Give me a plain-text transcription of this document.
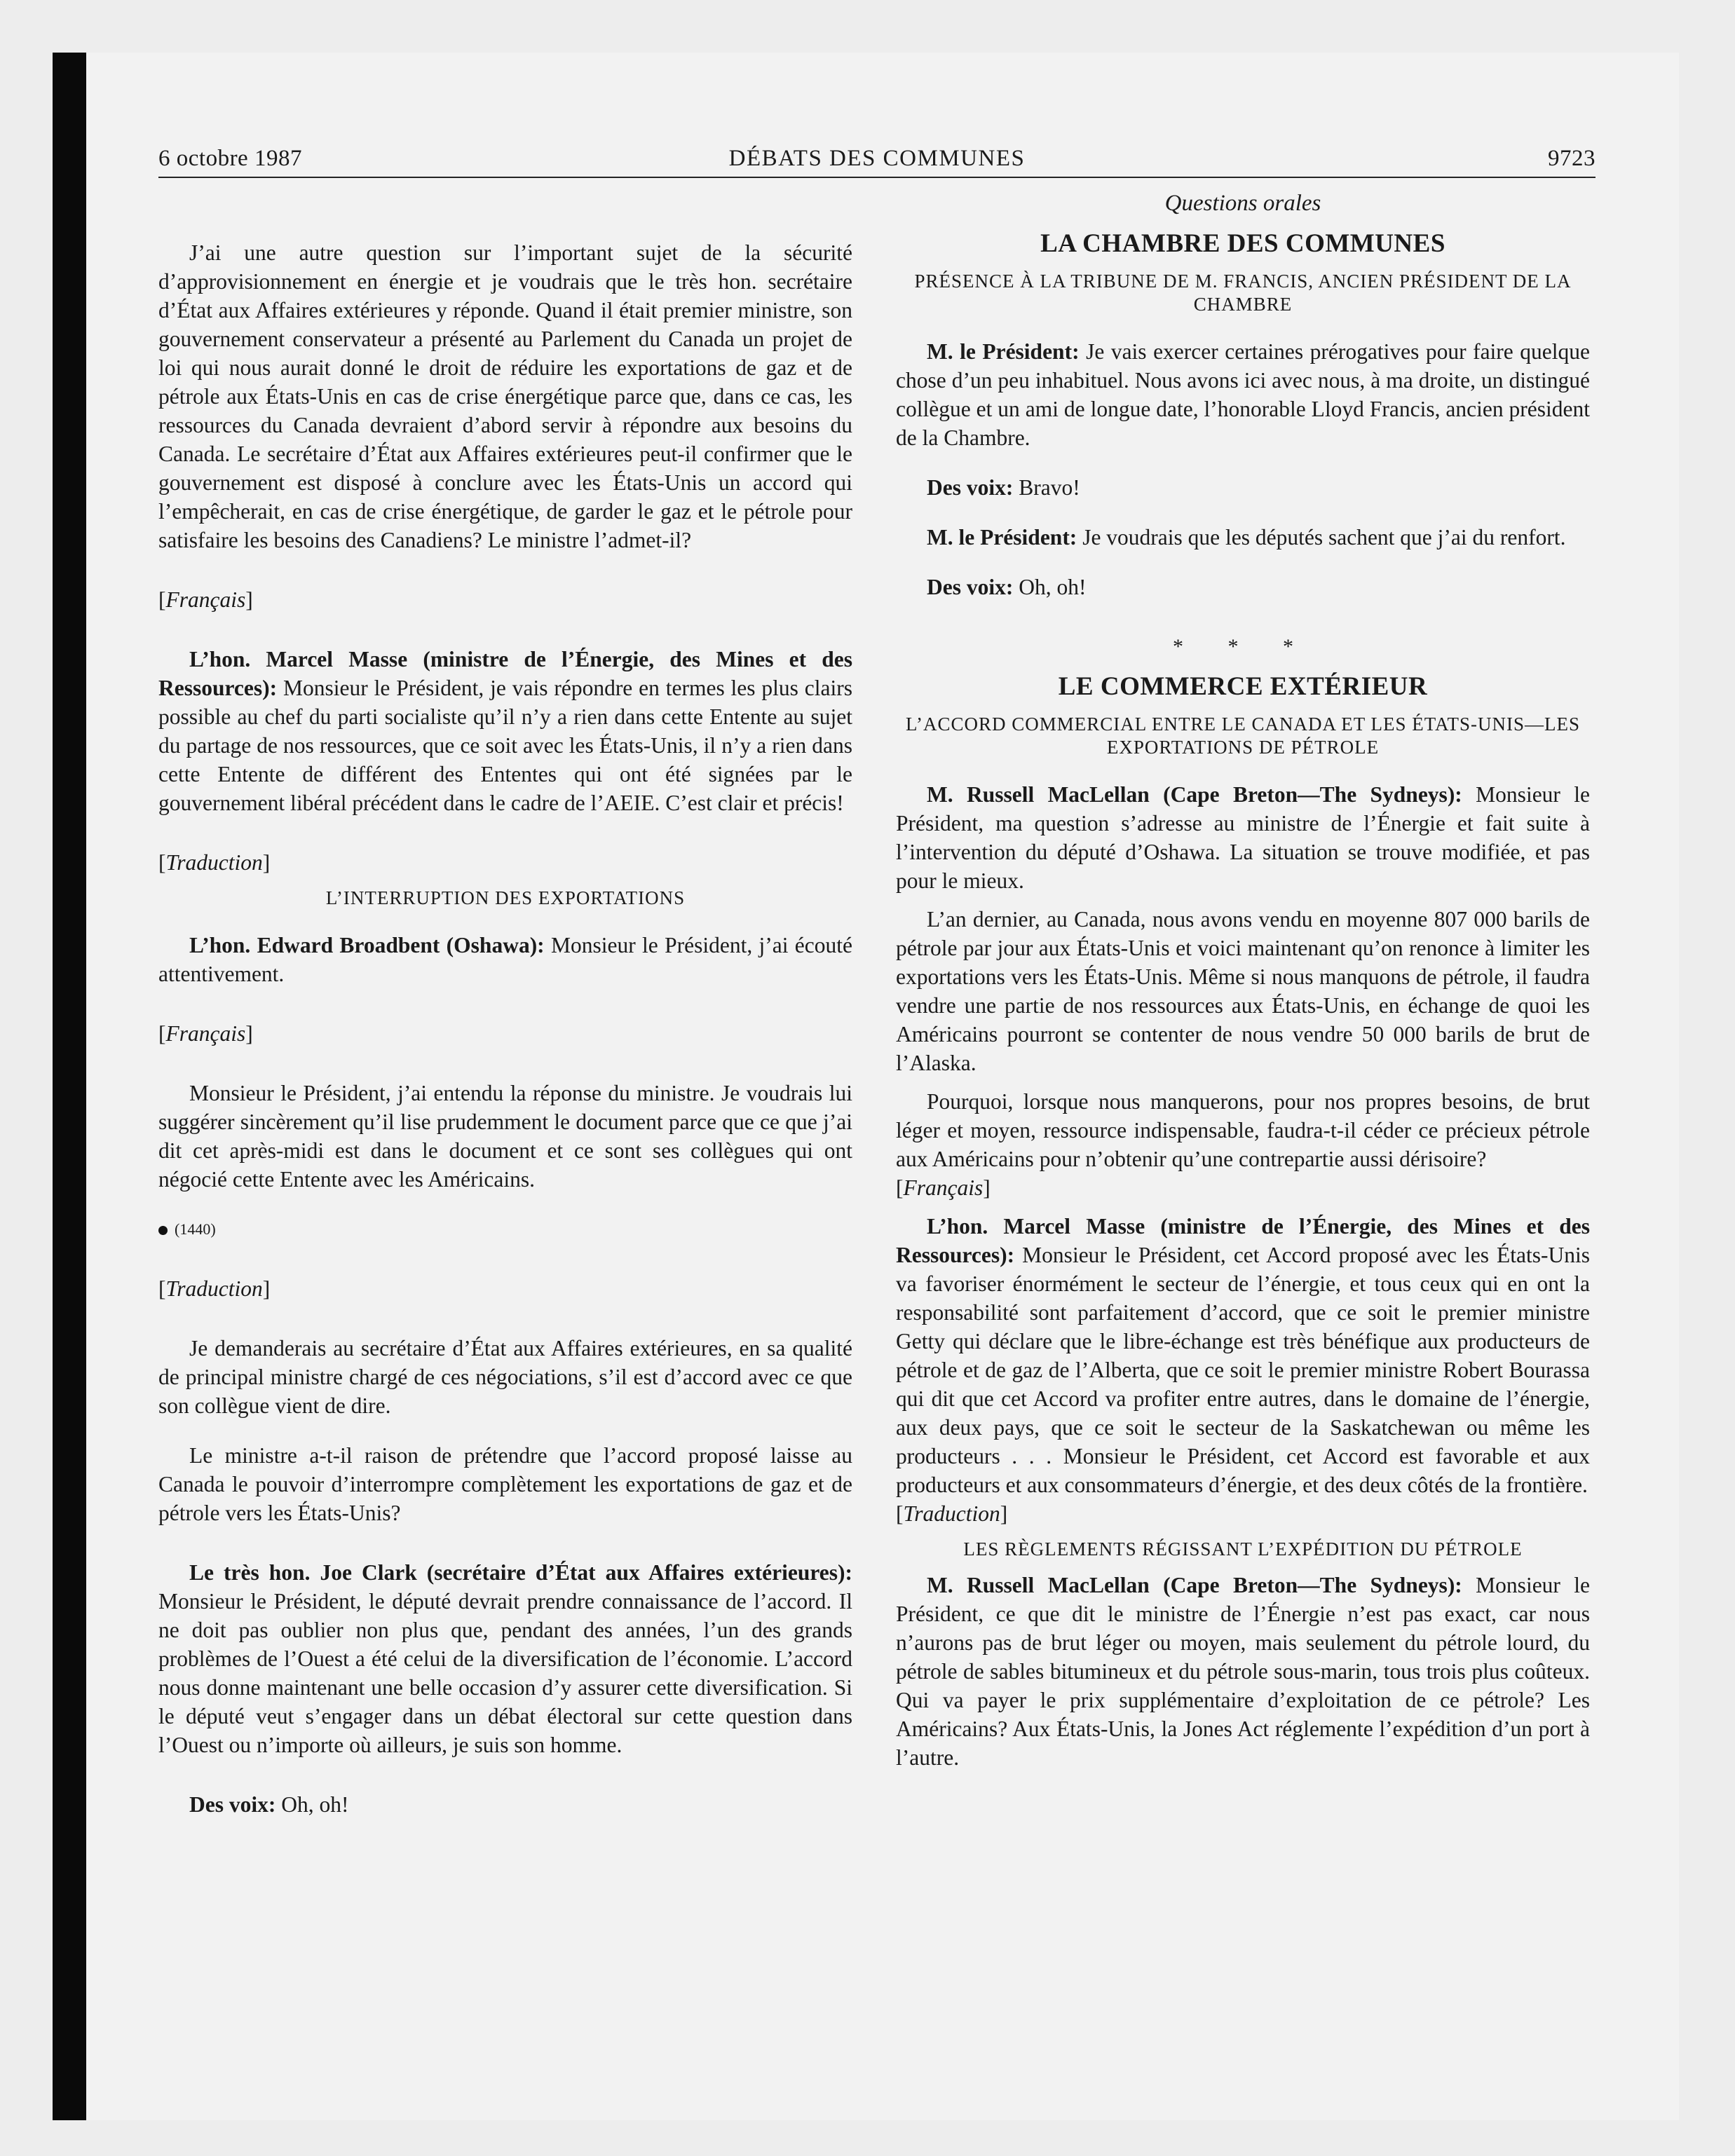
6 octobre 1987	DÉBATS DES COMMUNES	9723

J’ai une autre question sur l’important sujet de la sécurité d’approvisionnement en énergie et je voudrais que le très hon. secrétaire d’État aux Affaires extérieures y réponde. Quand il était premier ministre, son gouvernement conservateur a présenté au Parlement du Canada un projet de loi qui nous aurait donné le droit de réduire les exportations de gaz et de pétrole aux États-Unis en cas de crise énergétique parce que, dans ce cas, les ressources du Canada devraient d’abord servir à répondre aux besoins du Canada. Le secrétaire d’État aux Affaires extérieures peut-il confirmer que le gouvernement est disposé à conclure avec les États-Unis un accord qui l’empêcherait, en cas de crise énergétique, de garder le gaz et le pétrole pour satisfaire les besoins des Canadiens? Le ministre l’admet-il?

[Français]

L’hon. Marcel Masse (ministre de l’Énergie, des Mines et des Ressources): Monsieur le Président, je vais répondre en termes les plus clairs possible au chef du parti socialiste qu’il n’y a rien dans cette Entente au sujet du partage de nos ressources, que ce soit avec les États-Unis, il n’y a rien dans cette Entente de différent des Ententes qui ont été signées par le gouvernement libéral précédent dans le cadre de l’AEIE. C’est clair et précis!

[Traduction]

L’INTERRUPTION DES EXPORTATIONS

L’hon. Edward Broadbent (Oshawa): Monsieur le Président, j’ai écouté attentivement.

[Français]

Monsieur le Président, j’ai entendu la réponse du ministre. Je voudrais lui suggérer sincèrement qu’il lise prudemment le document parce que ce que j’ai dit cet après-midi est dans le document et ce sont ses collègues qui ont négocié cette Entente avec les Américains.

(1440)

[Traduction]

Je demanderais au secrétaire d’État aux Affaires extérieures, en sa qualité de principal ministre chargé de ces négociations, s’il est d’accord avec ce que son collègue vient de dire.

Le ministre a-t-il raison de prétendre que l’accord proposé laisse au Canada le pouvoir d’interrompre complètement les exportations de gaz et de pétrole vers les États-Unis?

Le très hon. Joe Clark (secrétaire d’État aux Affaires extérieures): Monsieur le Président, le député devrait prendre connaissance de l’accord. Il ne doit pas oublier non plus que, pendant des années, l’un des grands problèmes de l’Ouest a été celui de la diversification de l’économie. L’accord nous donne maintenant une belle occasion d’y assurer cette diversification. Si le député veut s’engager dans un débat électoral sur cette question dans l’Ouest ou n’importe où ailleurs, je suis son homme.

Des voix: Oh, oh!

Questions orales

LA CHAMBRE DES COMMUNES

PRÉSENCE À LA TRIBUNE DE M. FRANCIS, ANCIEN PRÉSIDENT DE LA CHAMBRE

M. le Président: Je vais exercer certaines prérogatives pour faire quelque chose d’un peu inhabituel. Nous avons ici avec nous, à ma droite, un distingué collègue et un ami de longue date, l’honorable Lloyd Francis, ancien président de la Chambre.

Des voix: Bravo!

M. le Président: Je voudrais que les députés sachent que j’ai du renfort.

Des voix: Oh, oh!

* * *

LE COMMERCE EXTÉRIEUR

L’ACCORD COMMERCIAL ENTRE LE CANADA ET LES ÉTATS-UNIS—LES EXPORTATIONS DE PÉTROLE

M. Russell MacLellan (Cape Breton—The Sydneys): Monsieur le Président, ma question s’adresse au ministre de l’Énergie et fait suite à l’intervention du député d’Oshawa. La situation se trouve modifiée, et pas pour le mieux.

L’an dernier, au Canada, nous avons vendu en moyenne 807 000 barils de pétrole par jour aux États-Unis et voici maintenant qu’on renonce à limiter les exportations vers les États-Unis. Même si nous manquons de pétrole, il faudra vendre une partie de nos ressources aux États-Unis, en échange de quoi les Américains pourront se contenter de nous vendre 50 000 barils de brut de l’Alaska.

Pourquoi, lorsque nous manquerons, pour nos propres besoins, de brut léger et moyen, ressource indispensable, faudra-t-il céder ce précieux pétrole aux Américains pour n’obtenir qu’une contrepartie aussi dérisoire?

[Français]

L’hon. Marcel Masse (ministre de l’Énergie, des Mines et des Ressources): Monsieur le Président, cet Accord proposé avec les États-Unis va favoriser énormément le secteur de l’énergie, et tous ceux qui en ont la responsabilité sont parfaitement d’accord, que ce soit le premier ministre Getty qui déclare que le libre-échange est très bénéfique aux producteurs de pétrole et de gaz de l’Alberta, que ce soit le premier ministre Robert Bourassa qui dit que cet Accord va profiter entre autres, dans le domaine de l’énergie, aux deux pays, que ce soit le secteur de la Saskatchewan ou même les producteurs . . . Monsieur le Président, cet Accord est favorable et aux producteurs et aux consommateurs d’énergie, et des deux côtés de la frontière.

[Traduction]

LES RÈGLEMENTS RÉGISSANT L’EXPÉDITION DU PÉTROLE

M. Russell MacLellan (Cape Breton—The Sydneys): Monsieur le Président, ce que dit le ministre de l’Énergie n’est pas exact, car nous n’aurons pas de brut léger ou moyen, mais seulement du pétrole lourd, du pétrole de sables bitumineux et du pétrole sous-marin, tous trois plus coûteux. Qui va payer le prix supplémentaire d’exploitation de ce pétrole? Les Américains? Aux États-Unis, la Jones Act réglemente l’expédition d’un port à l’autre.
